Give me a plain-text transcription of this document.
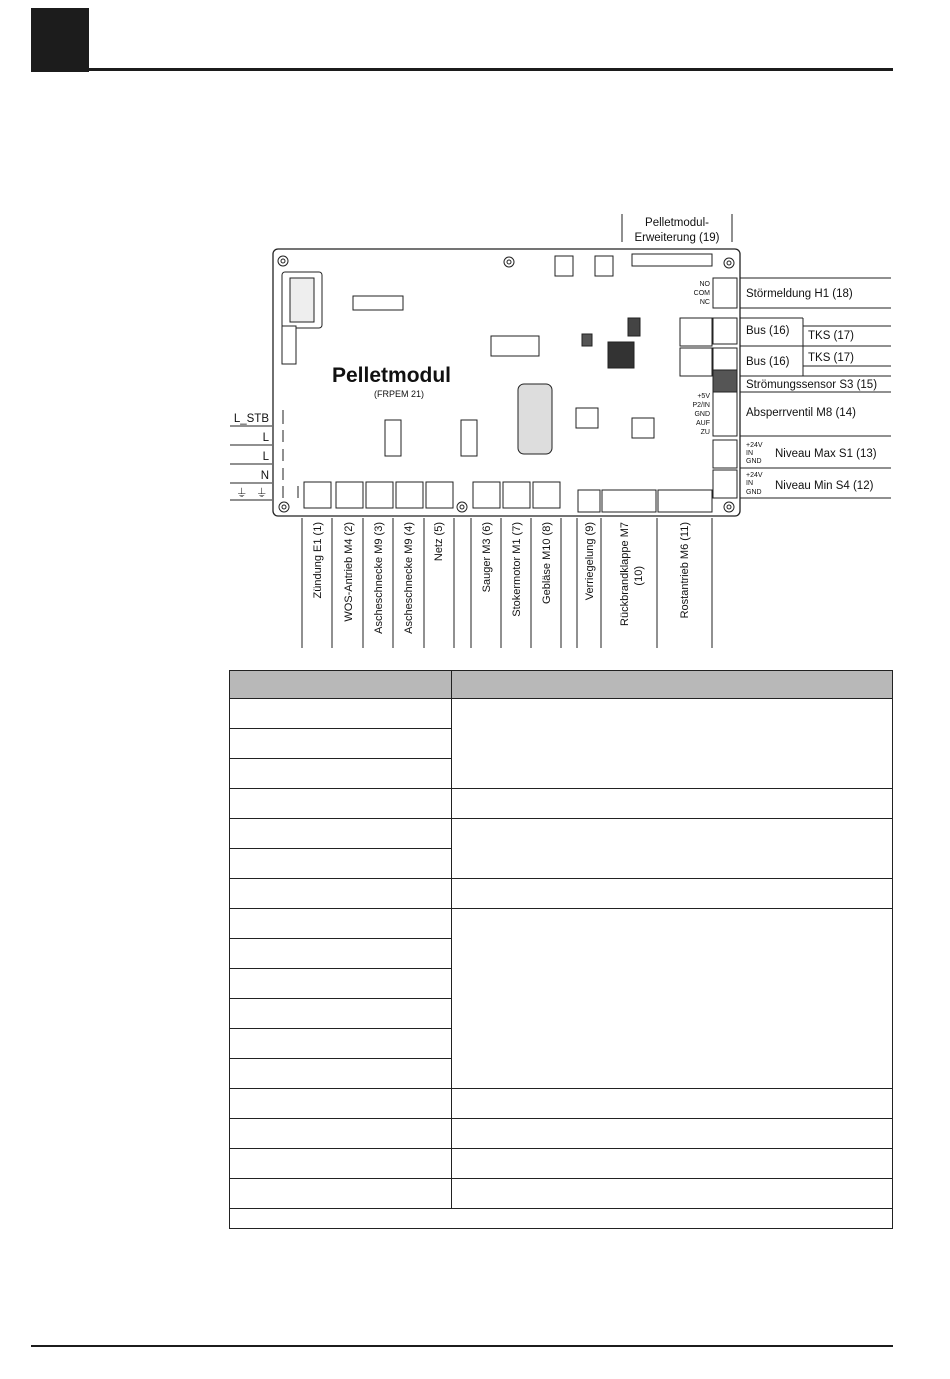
Pelletmodul
(FRPEM 21)
NO
COM
NC
+5V
P2/IN
GND
AUF
ZU
+24V
IN
GND
+24V
IN
GND
Pelletmodul-
Erweiterung (19)
Störmeldung H1 (18)
Bus (16) TKS (17)
Bus (16) TKS (17)
Strömungssensor S3 (15)
Absperrventil M8 (14)
Niveau Max S1 (13)
Niveau Min S4 (12)
L_STB
L
L
N
⏚ ⏚
Zündung E1 (1) WOS-Antrieb M4 (2) Ascheschnecke M9 (3) Ascheschnecke M9 (4) Netz (5)	Sauger M3 (6) Stokermotor M1 (7) Gebläse M10 (8)	Verriegelung (9) Rückbrandklappe M7 (10)	Rostantrieb M6 (11)
